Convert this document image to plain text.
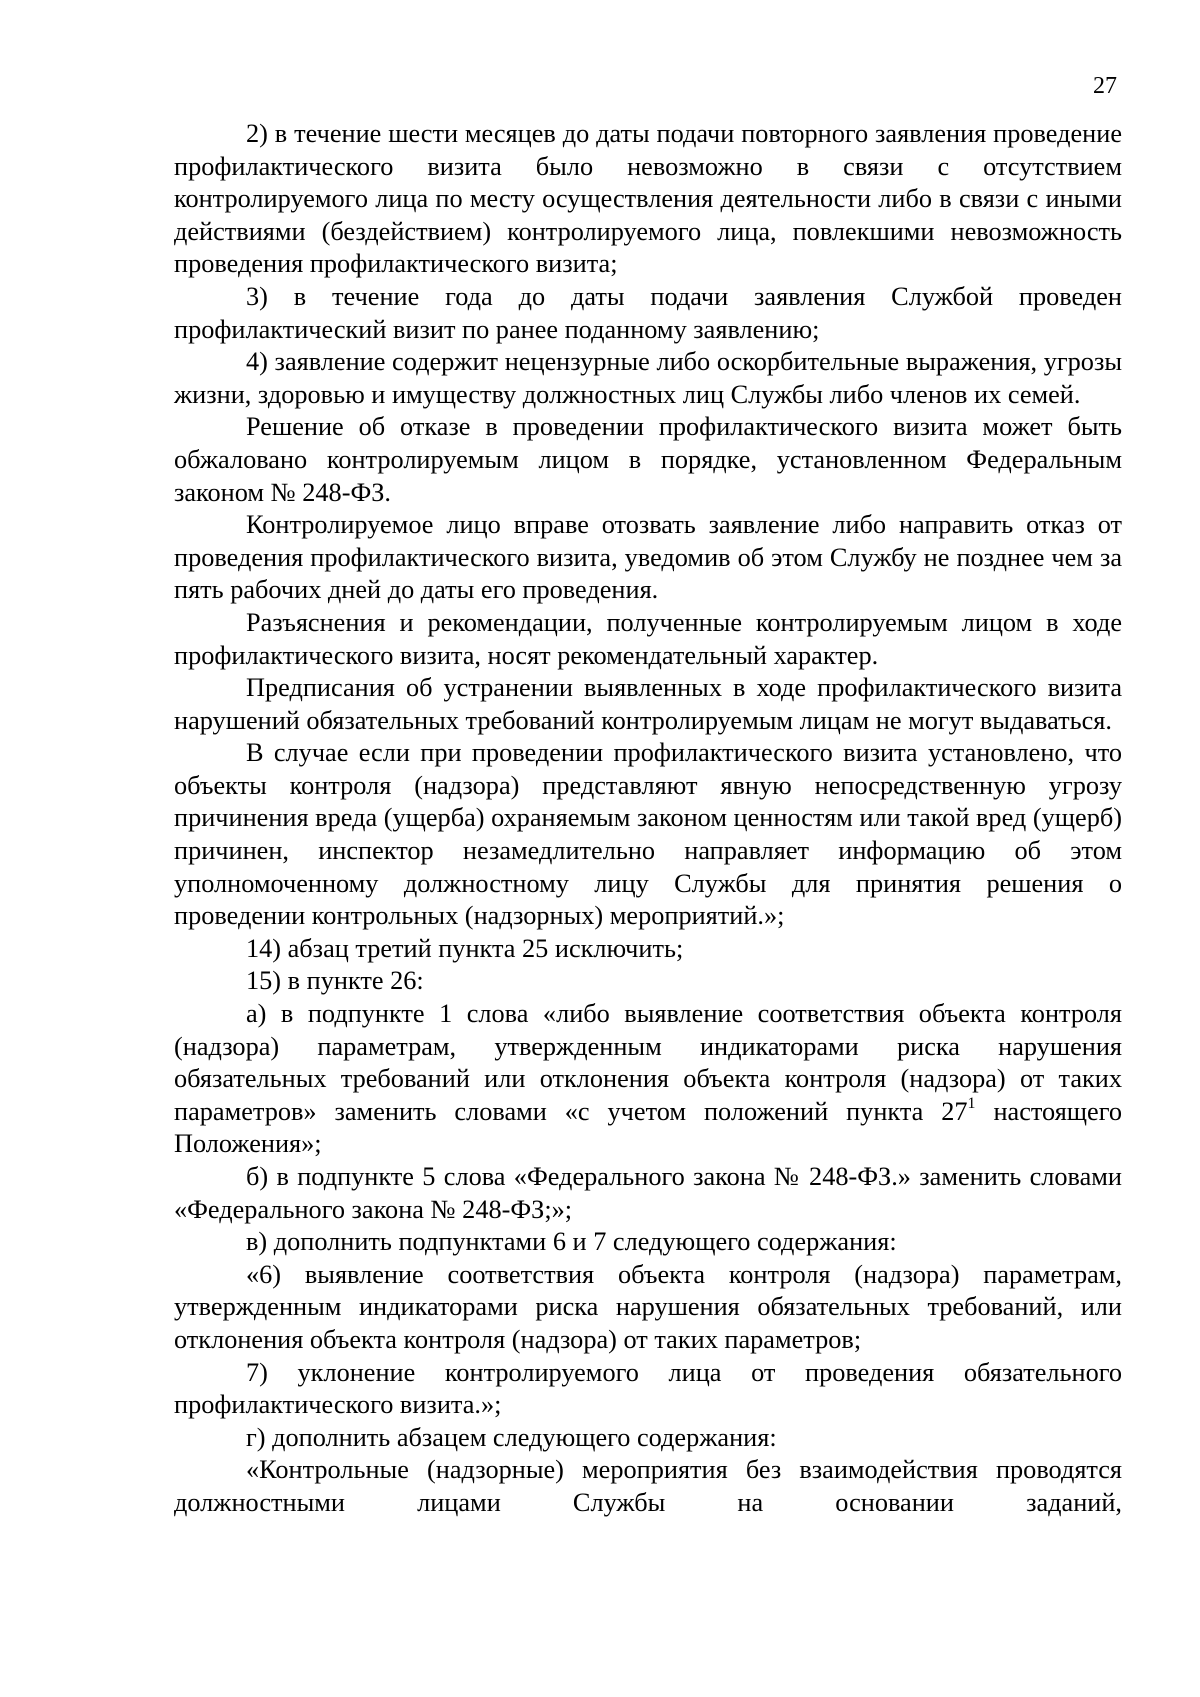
27

2) в течение шести месяцев до даты подачи повторного заявления проведение профилактического визита было невозможно в связи с отсутствием контролируемого лица по месту осуществления деятельности либо в связи с иными действиями (бездействием) контролируемого лица, повлекшими невозможность проведения профилактического визита;

3) в течение года до даты подачи заявления Службой проведен профилактический визит по ранее поданному заявлению;

4) заявление содержит нецензурные либо оскорбительные выражения, угрозы жизни, здоровью и имуществу должностных лиц Службы либо членов их семей.

Решение об отказе в проведении профилактического визита может быть обжаловано контролируемым лицом в порядке, установленном Федеральным законом № 248-ФЗ.

Контролируемое лицо вправе отозвать заявление либо направить отказ от проведения профилактического визита, уведомив об этом Службу не позднее чем за пять рабочих дней до даты его проведения.

Разъяснения и рекомендации, полученные контролируемым лицом в ходе профилактического визита, носят рекомендательный характер.

Предписания об устранении выявленных в ходе профилактического визита нарушений обязательных требований контролируемым лицам не могут выдаваться.

В случае если при проведении профилактического визита установлено, что объекты контроля (надзора) представляют явную непосредственную угрозу причинения вреда (ущерба) охраняемым законом ценностям или такой вред (ущерб) причинен, инспектор незамедлительно направляет информацию об этом уполномоченному должностному лицу Службы для принятия решения о проведении контрольных (надзорных) мероприятий.»;

14) абзац третий пункта 25 исключить;

15) в пункте 26:

а) в подпункте 1 слова «либо выявление соответствия объекта контроля (надзора) параметрам, утвержденным индикаторами риска нарушения обязательных требований или отклонения объекта контроля (надзора) от таких параметров» заменить словами «с учетом положений пункта $27^1$ настоящего Положения»;

б) в подпункте 5 слова «Федерального закона № 248-ФЗ.» заменить словами «Федерального закона № 248-ФЗ;»;

в) дополнить подпунктами 6 и 7 следующего содержания:

«6) выявление соответствия объекта контроля (надзора) параметрам, утвержденным индикаторами риска нарушения обязательных требований, или отклонения объекта контроля (надзора) от таких параметров;

7) уклонение контролируемого лица от проведения обязательного профилактического визита.»;

г) дополнить абзацем следующего содержания:

«Контрольные (надзорные) мероприятия без взаимодействия проводятся должностными лицами Службы на основании заданий,
